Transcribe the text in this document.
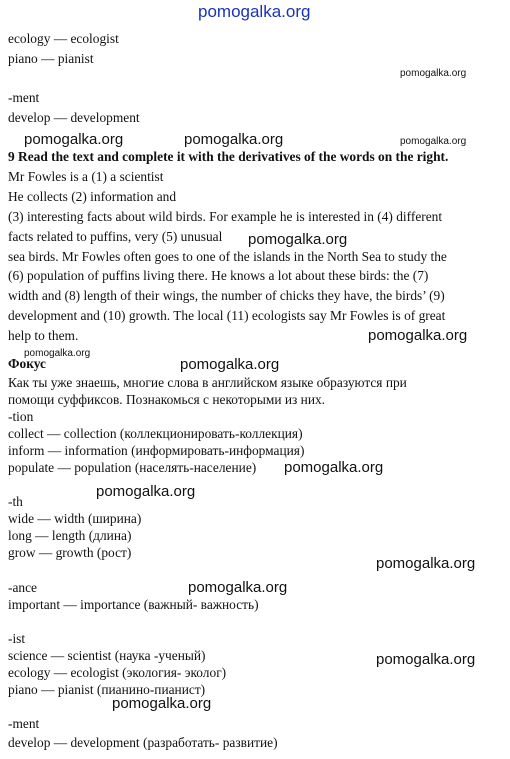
pomogalka.org
ecology — ecologist
piano — pianist
-ment
develop — development
9 Read the text and complete it with the derivatives of the words on the right.
Mr Fowles is a (1) a scientist
He collects (2) information and
(3) interesting facts about wild birds. For example he is interested in (4) different
facts related to puffins, very (5) unusual
sea birds. Mr Fowles often goes to one of the islands in the North Sea to study the
(6) population of puffins living there. He knows a lot about these birds: the (7)
width and (8) length of their wings, the number of chicks they have, the birds’ (9)
development and (10) growth. The local (11) ecologists say Mr Fowles is of great
help to them.
Фокус
Как ты уже знаешь, многие слова в английском языке образуются при
помощи суффиксов. Познакомься с некоторыми из них.
-tion
collect — collection (коллекционировать-коллекция)
inform — information (информировать-информация)
populate — population (населять-население)
-th
wide — width (ширина)
long — length (длина)
grow — growth (рост)
-ance
important — importance (важный- важность)
-ist
science — scientist (наука -ученый)
ecology — ecologist (экология- эколог)
piano — pianist (пианино-пианист)
-ment
develop — development (разработать- развитие)
pomogalka.org
pomogalka.org	pomogalka.org	pomogalka.org
pomogalka.org
pomogalka.org
pomogalka.org
pomogalka.org
pomogalka.org
pomogalka.org
pomogalka.org
pomogalka.org
pomogalka.org
pomogalka.org
